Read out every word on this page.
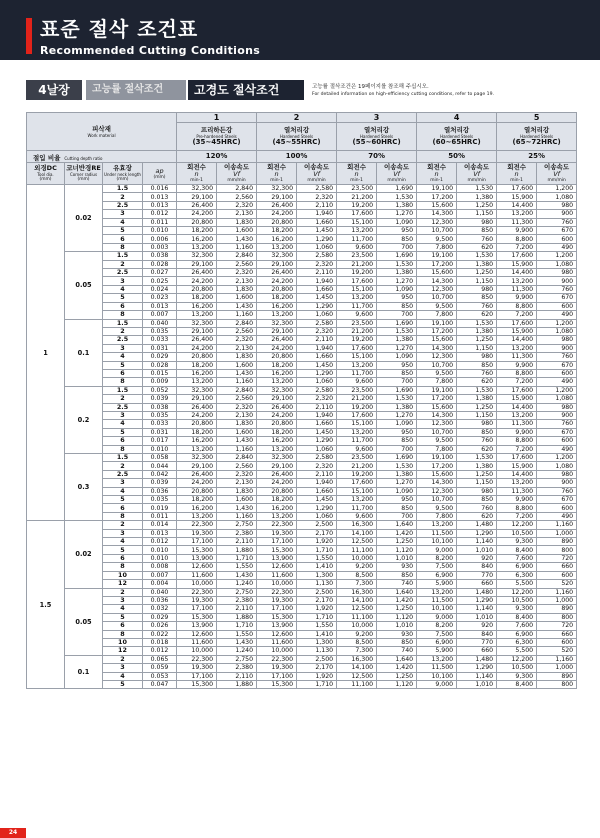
표준 절삭 조건표
Recommended Cutting Conditions
4날장	고능률 절삭조건	고경도 절삭조건	고능률 절삭조건은 19페이지를 참조해 주십시오.
For detailed information on high-efficiency cutting conditions, refer to page 19.
피삭재
Work material				1		2		3		4		5	

				프리하든강
Pre-hardened Steels
(35~45HRC)		열처리강
Hardened Steels
(45~55HRC)		열처리강
Hardened Steels
(55~60HRC)		열처리강
Hardened Steels
(60~65HRC)		열처리강
Hardened Steels
(65~72HRC)	

절입 비율 Cutting depth ratio				120%		100%		70%		50%		25%	

외경DC
Tool dia.
(mm)	코너반경RE
Corner radius
(mm)	유효장
Under neck length
(mm)	ap
(mm)	회전수
n
min-1	이송속도
Vf
mm/min	회전수
n
min-1	이송속도
Vf
mm/min	회전수
n
min-1	이송속도
Vf
mm/min	회전수
n
min-1	이송속도
Vf
mm/min	회전수
n
min-1	이송속도
Vf
mm/min

1	0.02	1.5	0.016	32,300	2,840	32,300	2,580	23,500	1,690	19,100	1,530	17,600	1,200
		2	0.013	29,100	2,560	29,100	2,320	21,200	1,530	17,200	1,380	15,900	1,080
		2.5	0.013	26,400	2,320	26,400	2,110	19,200	1,380	15,600	1,250	14,400	980
		3	0.012	24,200	2,130	24,200	1,940	17,600	1,270	14,300	1,150	13,200	900
		4	0.011	20,800	1,830	20,800	1,660	15,100	1,090	12,300	980	11,300	760
		5	0.010	18,200	1,600	18,200	1,450	13,200	950	10,700	850	9,900	670
		6	0.006	16,200	1,430	16,200	1,290	11,700	850	9,500	760	8,800	600
		8	0.003	13,200	1,160	13,200	1,060	9,600	700	7,800	620	7,200	490
	0.05	1.5	0.038	32,300	2,840	32,300	2,580	23,500	1,690	19,100	1,530	17,600	1,200
		2	0.028	29,100	2,560	29,100	2,320	21,200	1,530	17,200	1,380	15,900	1,080
		2.5	0.027	26,400	2,320	26,400	2,110	19,200	1,380	15,600	1,250	14,400	980
		3	0.025	24,200	2,130	24,200	1,940	17,600	1,270	14,300	1,150	13,200	900
		4	0.024	20,800	1,830	20,800	1,660	15,100	1,090	12,300	980	11,300	760
		5	0.023	18,200	1,600	18,200	1,450	13,200	950	10,700	850	9,900	670
		6	0.013	16,200	1,430	16,200	1,290	11,700	850	9,500	760	8,800	600
		8	0.007	13,200	1,160	13,200	1,060	9,600	700	7,800	620	7,200	490
	0.1	1.5	0.040	32,300	2,840	32,300	2,580	23,500	1,690	19,100	1,530	17,600	1,200
		2	0.035	29,100	2,560	29,100	2,320	21,200	1,530	17,200	1,380	15,900	1,080
		2.5	0.033	26,400	2,320	26,400	2,110	19,200	1,380	15,600	1,250	14,400	980
		3	0.031	24,200	2,130	24,200	1,940	17,600	1,270	14,300	1,150	13,200	900
		4	0.029	20,800	1,830	20,800	1,660	15,100	1,090	12,300	980	11,300	760
		5	0.028	18,200	1,600	18,200	1,450	13,200	950	10,700	850	9,900	670
		6	0.015	16,200	1,430	16,200	1,290	11,700	850	9,500	760	8,800	600
		8	0.009	13,200	1,160	13,200	1,060	9,600	700	7,800	620	7,200	490
	0.2	1.5	0.052	32,300	2,840	32,300	2,580	23,500	1,690	19,100	1,530	17,600	1,200
		2	0.039	29,100	2,560	29,100	2,320	21,200	1,530	17,200	1,380	15,900	1,080
		2.5	0.038	26,400	2,320	26,400	2,110	19,200	1,380	15,600	1,250	14,400	980
		3	0.035	24,200	2,130	24,200	1,940	17,600	1,270	14,300	1,150	13,200	900
		4	0.033	20,800	1,830	20,800	1,660	15,100	1,090	12,300	980	11,300	760
		5	0.031	18,200	1,600	18,200	1,450	13,200	950	10,700	850	9,900	670
		6	0.017	16,200	1,430	16,200	1,290	11,700	850	9,500	760	8,800	600
		8	0.010	13,200	1,160	13,200	1,060	9,600	700	7,800	620	7,200	490
	0.3	1.5	0.058	32,300	2,840	32,300	2,580	23,500	1,690	19,100	1,530	17,600	1,200
		2	0.044	29,100	2,560	29,100	2,320	21,200	1,530	17,200	1,380	15,900	1,080
		2.5	0.042	26,400	2,320	26,400	2,110	19,200	1,380	15,600	1,250	14,400	980
		3	0.039	24,200	2,130	24,200	1,940	17,600	1,270	14,300	1,150	13,200	900
		4	0.036	20,800	1,830	20,800	1,660	15,100	1,090	12,300	980	11,300	760
		5	0.035	18,200	1,600	18,200	1,450	13,200	950	10,700	850	9,900	670
		6	0.019	16,200	1,430	16,200	1,290	11,700	850	9,500	760	8,800	600
		8	0.011	13,200	1,160	13,200	1,060	9,600	700	7,800	620	7,200	490
1.5	0.02	2	0.014	22,300	2,750	22,300	2,500	16,300	1,640	13,200	1,480	12,200	1,160
		3	0.013	19,300	2,380	19,300	2,170	14,100	1,420	11,500	1,290	10,500	1,000
		4	0.012	17,100	2,110	17,100	1,920	12,500	1,250	10,100	1,140	9,300	890
		5	0.010	15,300	1,880	15,300	1,710	11,100	1,120	9,000	1,010	8,400	800
		6	0.010	13,900	1,710	13,900	1,550	10,000	1,010	8,200	920	7,600	720
		8	0.008	12,600	1,550	12,600	1,410	9,200	930	7,500	840	6,900	660
		10	0.007	11,600	1,430	11,600	1,300	8,500	850	6,900	770	6,300	600
		12	0.004	10,000	1,240	10,000	1,130	7,300	740	5,900	660	5,500	520
	0.05	2	0.040	22,300	2,750	22,300	2,500	16,300	1,640	13,200	1,480	12,200	1,160
		3	0.036	19,300	2,380	19,300	2,170	14,100	1,420	11,500	1,290	10,500	1,000
		4	0.032	17,100	2,110	17,100	1,920	12,500	1,250	10,100	1,140	9,300	890
		5	0.029	15,300	1,880	15,300	1,710	11,100	1,120	9,000	1,010	8,400	800
		6	0.026	13,900	1,710	13,900	1,550	10,000	1,010	8,200	920	7,600	720
		8	0.022	12,600	1,550	12,600	1,410	9,200	930	7,500	840	6,900	660
		10	0.018	11,600	1,430	11,600	1,300	8,500	850	6,900	770	6,300	600
		12	0.012	10,000	1,240	10,000	1,130	7,300	740	5,900	660	5,500	520
	0.1	2	0.065	22,300	2,750	22,300	2,500	16,300	1,640	13,200	1,480	12,200	1,160
		3	0.059	19,300	2,380	19,300	2,170	14,100	1,420	11,500	1,290	10,500	1,000
		4	0.053	17,100	2,110	17,100	1,920	12,500	1,250	10,100	1,140	9,300	890
		5	0.047	15,300	1,880	15,300	1,710	11,100	1,120	9,000	1,010	8,400	800
24
